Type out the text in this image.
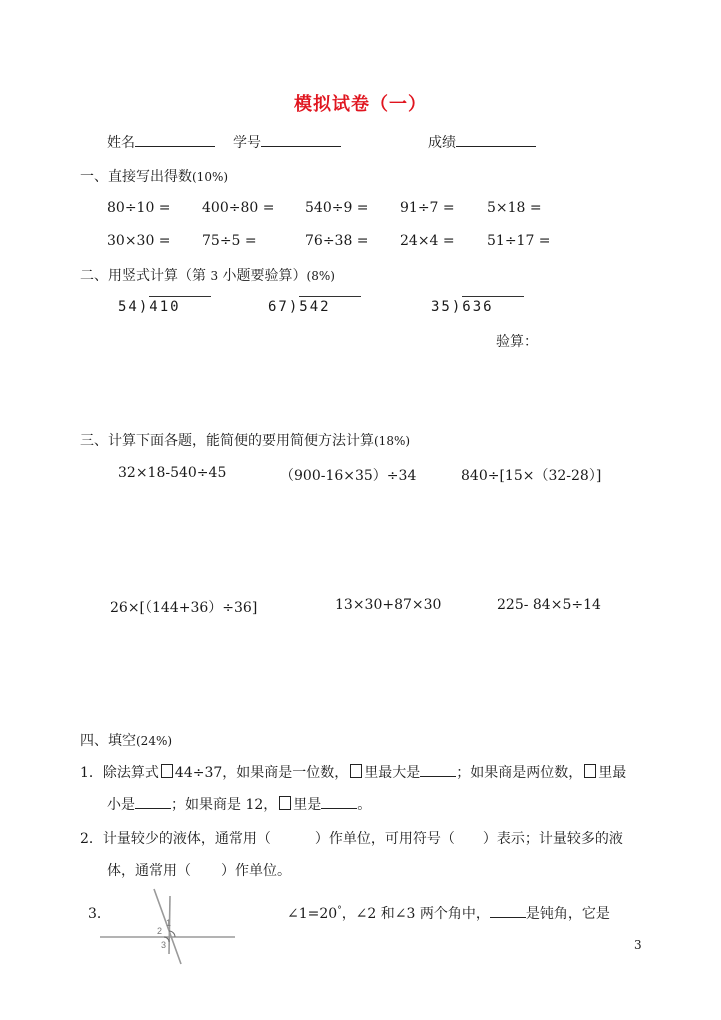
模拟试卷（一）
姓名	学号	成绩
一、直接写出得数(10%)
80÷10 = 400÷80 = 540÷9 = 91÷7 = 5×18 =
30×30 = 75÷5 =	76÷38 = 24×4 = 51÷17 =
二、用竖式计算（第 3 小题要验算）(8%)
54)410	67)542	35)636
验算：
三、计算下面各题，能简便的要用简便方法计算(18%)
32×18-540÷45	（900-16×35）÷34	840÷[15×（32-28）]
26×[（144+36）÷36]	13×30+87×30	225- 84×5÷14
四、填空(24%)
1．除法算式 44÷37，如果商是一位数， 里最大是	；如果商是两位数， 里最
小是	；如果商是 12， 里是	。
2．计量较少的液体，通常用（	）作单位，可用符号（ ）表示；计量较多的液
体，通常用（ ）作单位。
3．
1
2
3
∠1=20°，∠2 和∠3 两个角中，	是钝角，它是
3
